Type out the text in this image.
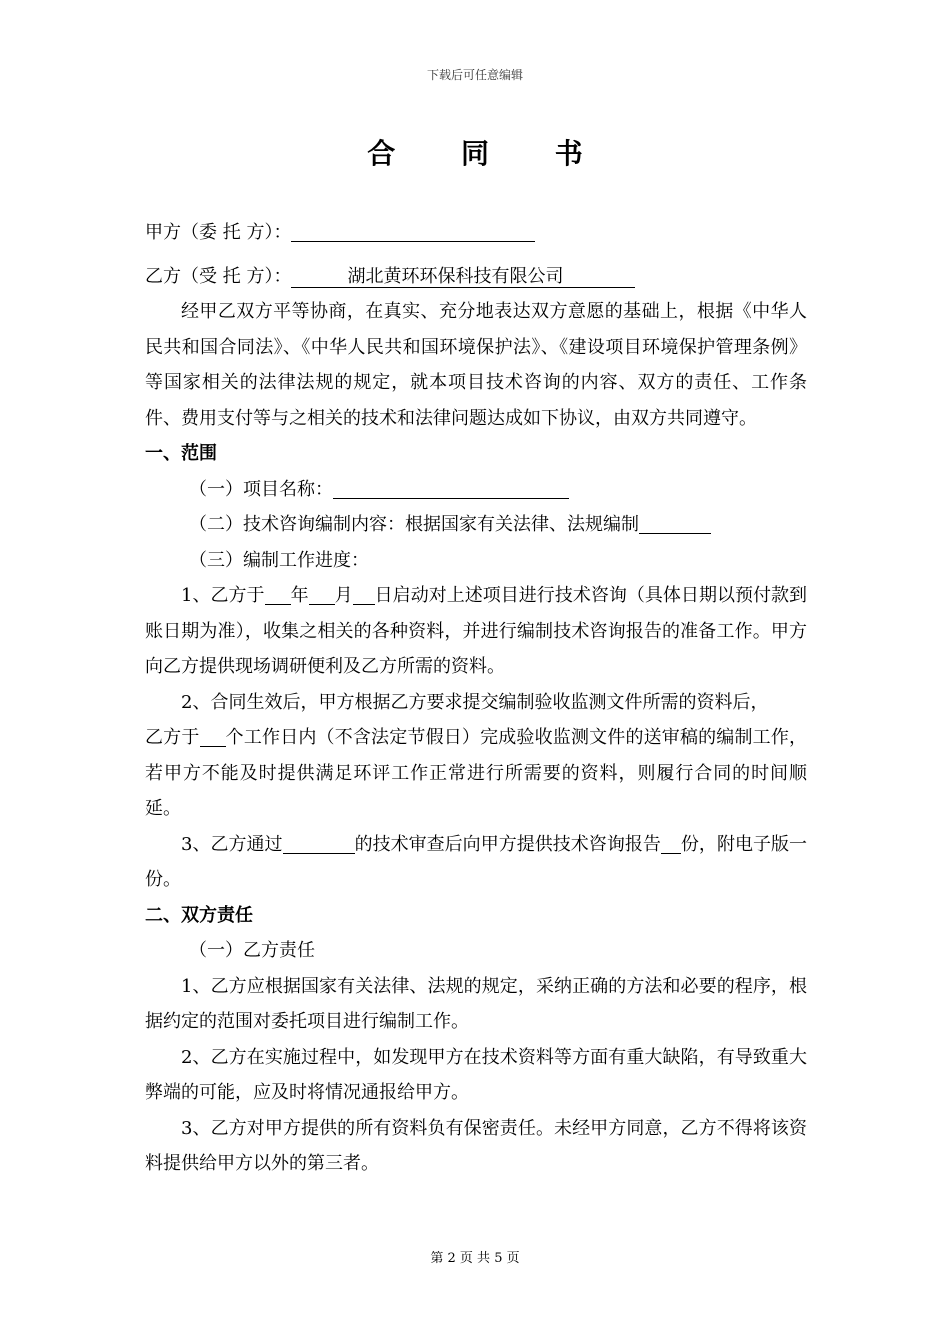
下载后可任意编辑
合 同 书
甲方（委 托 方）：
乙方（受 托 方）：	湖北黄环环保科技有限公司
经甲乙双方平等协商，在真实、充分地表达双方意愿的基础上，根据《中华人民共和国合同法》、《中华人民共和国环境保护法》、《建设项目环境保护管理条例》等国家相关的法律法规的规定，就本项目技术咨询的内容、双方的责任、工作条件、费用支付等与之相关的技术和法律问题达成如下协议，由双方共同遵守。
一、范围
（一）项目名称：
（二）技术咨询编制内容：根据国家有关法律、法规编制
（三）编制工作进度：
1、乙方于 年 月 日启动对上述项目进行技术咨询（具体日期以预付款到账日期为准），收集之相关的各种资料，并进行编制技术咨询报告的准备工作。甲方向乙方提供现场调研便利及乙方所需的资料。
2、合同生效后，甲方根据乙方要求提交编制验收监测文件所需的资料后，
乙方于 个工作日内（不含法定节假日）完成验收监测文件的送审稿的编制工作，若甲方不能及时提供满足环评工作正常进行所需要的资料，则履行合同的时间顺延。
3、乙方通过	的技术审查后向甲方提供技术咨询报告 份，附电子版一份。
二、双方责任
（一）乙方责任
1、乙方应根据国家有关法律、法规的规定，采纳正确的方法和必要的程序，根据约定的范围对委托项目进行编制工作。
2、乙方在实施过程中，如发现甲方在技术资料等方面有重大缺陷，有导致重大弊端的可能，应及时将情况通报给甲方。
3、乙方对甲方提供的所有资料负有保密责任。未经甲方同意，乙方不得将该资料提供给甲方以外的第三者。
第 2 页 共 5 页
